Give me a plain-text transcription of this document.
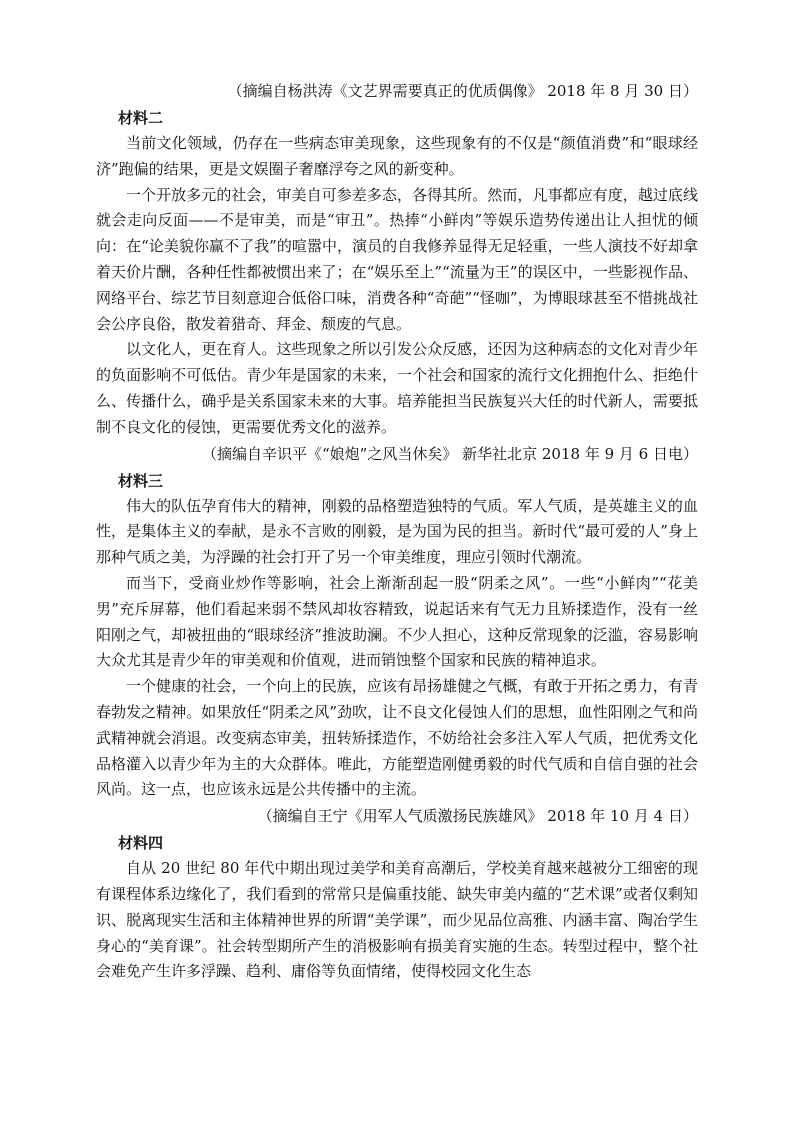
（摘编自杨洪涛《文艺界需要真正的优质偶像》 2018 年 8 月 30 日）

材料二

当前文化领域，仍存在一些病态审美现象，这些现象有的不仅是“颜值消费”和“眼球经济”跑偏的结果，更是文娱圈子奢靡浮夸之风的新变种。

一个开放多元的社会，审美自可参差多态，各得其所。然而，凡事都应有度，越过底线就会走向反面——不是审美，而是“审丑”。热捧“小鲜肉”等娱乐造势传递出让人担忧的倾向：在“论美貌你赢不了我”的喧嚣中，演员的自我修养显得无足轻重，一些人演技不好却拿着天价片酬，各种任性都被惯出来了；在“娱乐至上”“流量为王”的误区中，一些影视作品、网络平台、综艺节目刻意迎合低俗口味，消费各种“奇葩”“怪咖”，为博眼球甚至不惜挑战社会公序良俗，散发着猎奇、拜金、颓废的气息。

以文化人，更在育人。这些现象之所以引发公众反感，还因为这种病态的文化对青少年的负面影响不可低估。青少年是国家的未来，一个社会和国家的流行文化拥抱什么、拒绝什么、传播什么，确乎是关系国家未来的大事。培养能担当民族复兴大任的时代新人，需要抵制不良文化的侵蚀，更需要优秀文化的滋养。

（摘编自辛识平《“娘炮”之风当休矣》 新华社北京 2018 年 9 月 6 日电）

材料三

伟大的队伍孕育伟大的精神，刚毅的品格塑造独特的气质。军人气质，是英雄主义的血性，是集体主义的奉献，是永不言败的刚毅，是为国为民的担当。新时代“最可爱的人”身上那种气质之美，为浮躁的社会打开了另一个审美维度，理应引领时代潮流。

而当下，受商业炒作等影响，社会上渐渐刮起一股“阴柔之风”。一些“小鲜肉”“花美男”充斥屏幕，他们看起来弱不禁风却妆容精致，说起话来有气无力且矫揉造作，没有一丝阳刚之气，却被扭曲的“眼球经济”推波助澜。不少人担心，这种反常现象的泛滥，容易影响大众尤其是青少年的审美观和价值观，进而销蚀整个国家和民族的精神追求。

一个健康的社会，一个向上的民族，应该有昂扬雄健之气概，有敢于开拓之勇力，有青春勃发之精神。如果放任“阴柔之风”劲吹，让不良文化侵蚀人们的思想，血性阳刚之气和尚武精神就会消退。改变病态审美，扭转矫揉造作，不妨给社会多注入军人气质，把优秀文化品格灌入以青少年为主的大众群体。唯此，方能塑造刚健勇毅的时代气质和自信自强的社会风尚。这一点，也应该永远是公共传播中的主流。

（摘编自王宁《用军人气质激扬民族雄风》 2018 年 10 月 4 日）

材料四

自从 20 世纪 80 年代中期出现过美学和美育高潮后，学校美育越来越被分工细密的现有课程体系边缘化了，我们看到的常常只是偏重技能、缺失审美内蕴的“艺术课”或者仅剩知识、脱离现实生活和主体精神世界的所谓“美学课”，而少见品位高雅、内涵丰富、陶冶学生身心的“美育课”。社会转型期所产生的消极影响有损美育实施的生态。转型过程中，整个社会难免产生许多浮躁、趋利、庸俗等负面情绪，使得校园文化生态
